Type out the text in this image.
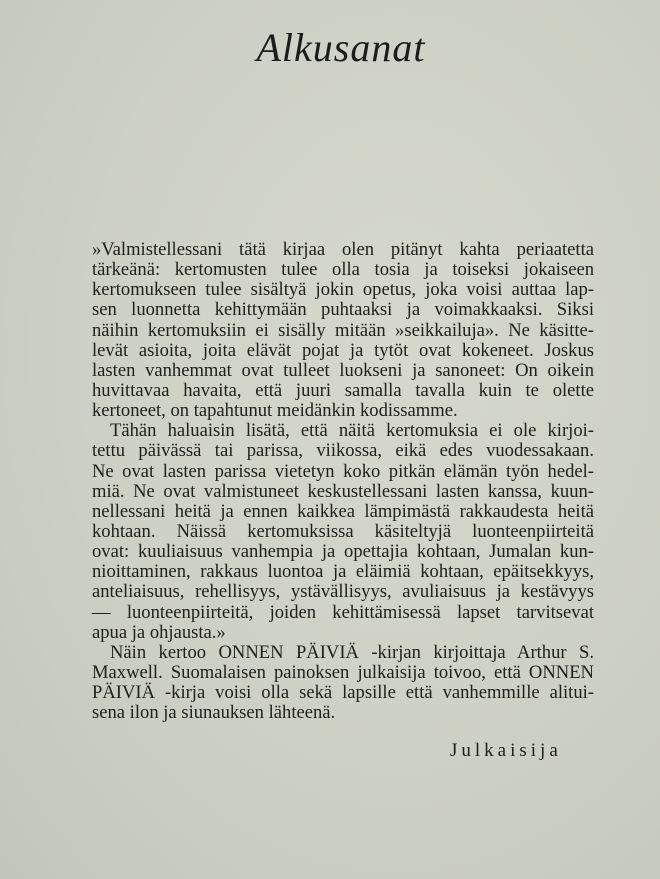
Alkusanat
»Valmistellessani tätä kirjaa olen pitänyt kahta periaatetta
tärkeänä: kertomusten tulee olla tosia ja toiseksi jokaiseen
kertomukseen tulee sisältyä jokin opetus, joka voisi auttaa lap-
sen luonnetta kehittymään puhtaaksi ja voimakkaaksi. Siksi
näihin kertomuksiin ei sisälly mitään »seikkailuja». Ne käsitte-
levät asioita, joita elävät pojat ja tytöt ovat kokeneet. Joskus
lasten vanhemmat ovat tulleet luokseni ja sanoneet: On oikein
huvittavaa havaita, että juuri samalla tavalla kuin te olette
kertoneet, on tapahtunut meidänkin kodissamme.
Tähän haluaisin lisätä, että näitä kertomuksia ei ole kirjoi-
tettu päivässä tai parissa, viikossa, eikä edes vuodessakaan.
Ne ovat lasten parissa vietetyn koko pitkän elämän työn hedel-
miä. Ne ovat valmistuneet keskustellessani lasten kanssa, kuun-
nellessani heitä ja ennen kaikkea lämpimästä rakkaudesta heitä
kohtaan. Näissä kertomuksissa käsiteltyjä luonteenpiirteitä
ovat: kuuliaisuus vanhempia ja opettajia kohtaan, Jumalan kun-
nioittaminen, rakkaus luontoa ja eläimiä kohtaan, epäitsekkyys,
anteliaisuus, rehellisyys, ystävällisyys, avuliaisuus ja kestävyys
— luonteenpiirteitä, joiden kehittämisessä lapset tarvitsevat
apua ja ohjausta.»
Näin kertoo ONNEN PÄIVIÄ -kirjan kirjoittaja Arthur S.
Maxwell. Suomalaisen painoksen julkaisija toivoo, että ONNEN
PÄIVIÄ -kirja voisi olla sekä lapsille että vanhemmille alitui-
sena ilon ja siunauksen lähteenä.
Julkaisija
